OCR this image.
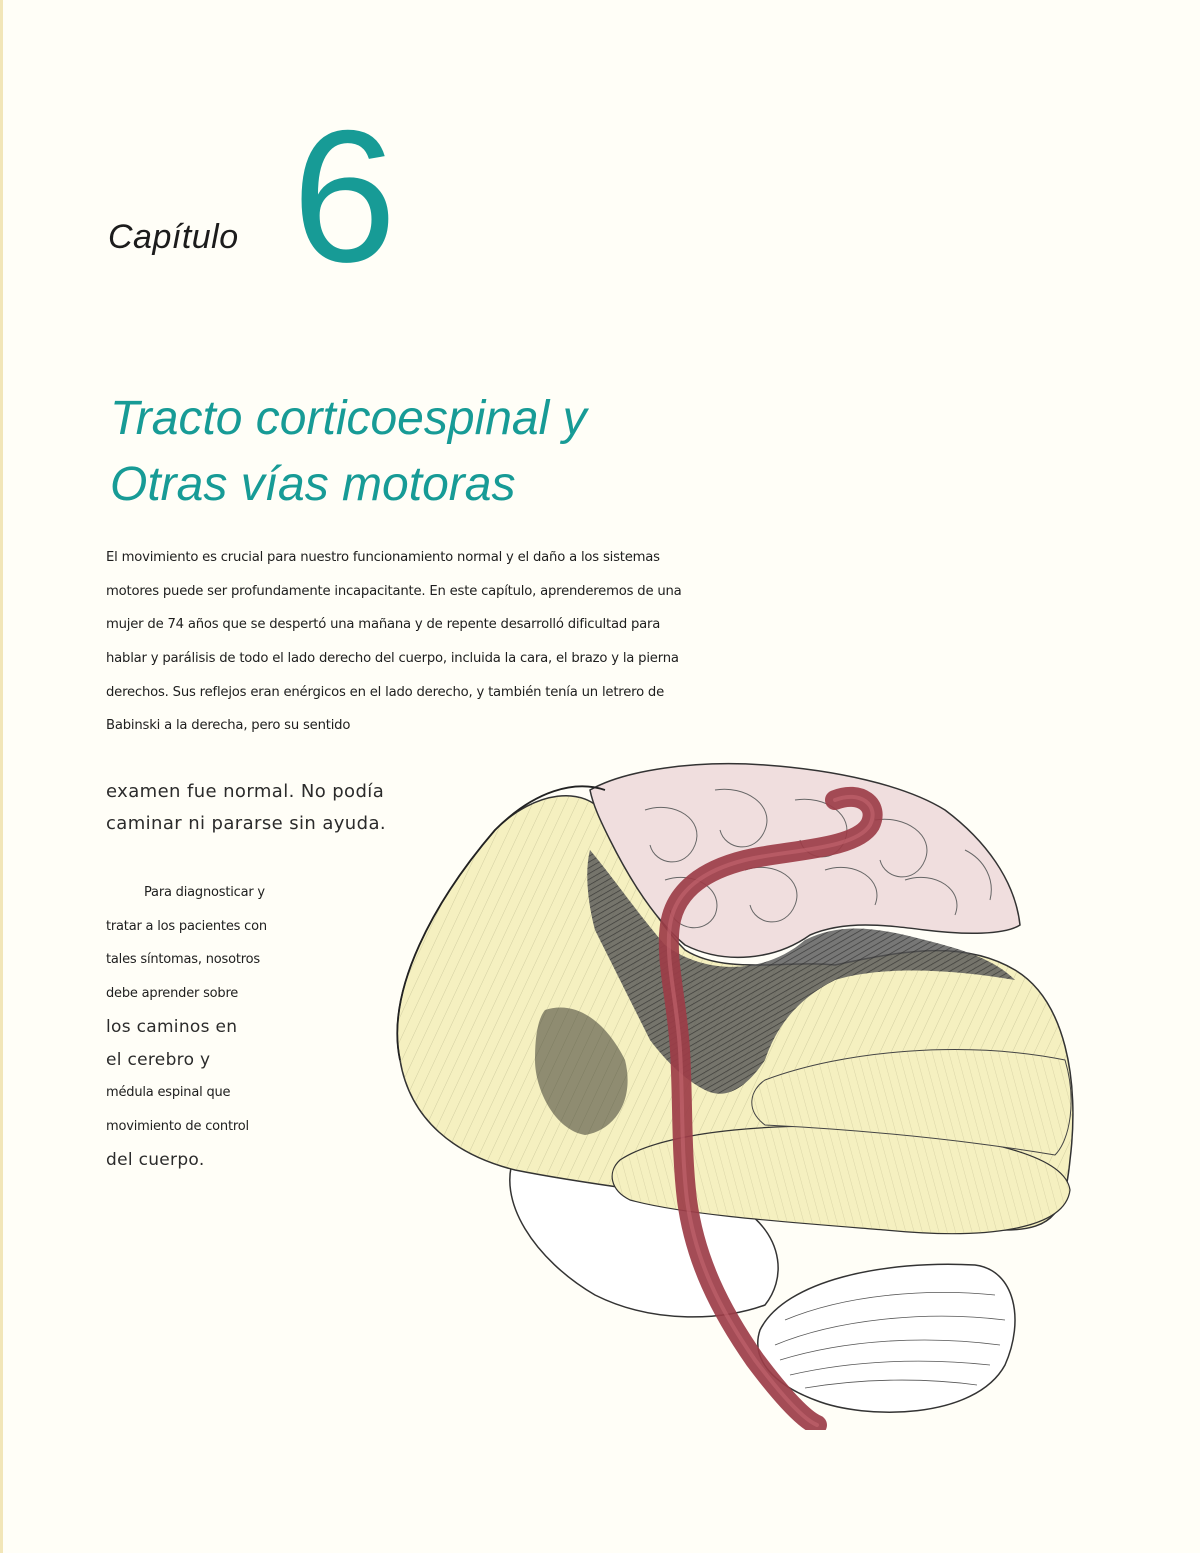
Capítulo 6
Tracto corticoespinal y
Otras vías motoras
El movimiento es crucial para nuestro funcionamiento normal y el daño a los sistemas
motores puede ser profundamente incapacitante. En este capítulo, aprenderemos de una
mujer de 74 años que se despertó una mañana y de repente desarrolló dificultad para
hablar y parálisis de todo el lado derecho del cuerpo, incluida la cara, el brazo y la pierna
derechos. Sus reflejos eran enérgicos en el lado derecho, y también tenía un letrero de
Babinski a la derecha, pero su sentido
examen fue normal. No podía
caminar ni pararse sin ayuda.
Para diagnosticar y
tratar a los pacientes con
tales síntomas, nosotros
debe aprender sobre
los caminos en
el cerebro y
médula espinal que
movimiento de control
del cuerpo.
